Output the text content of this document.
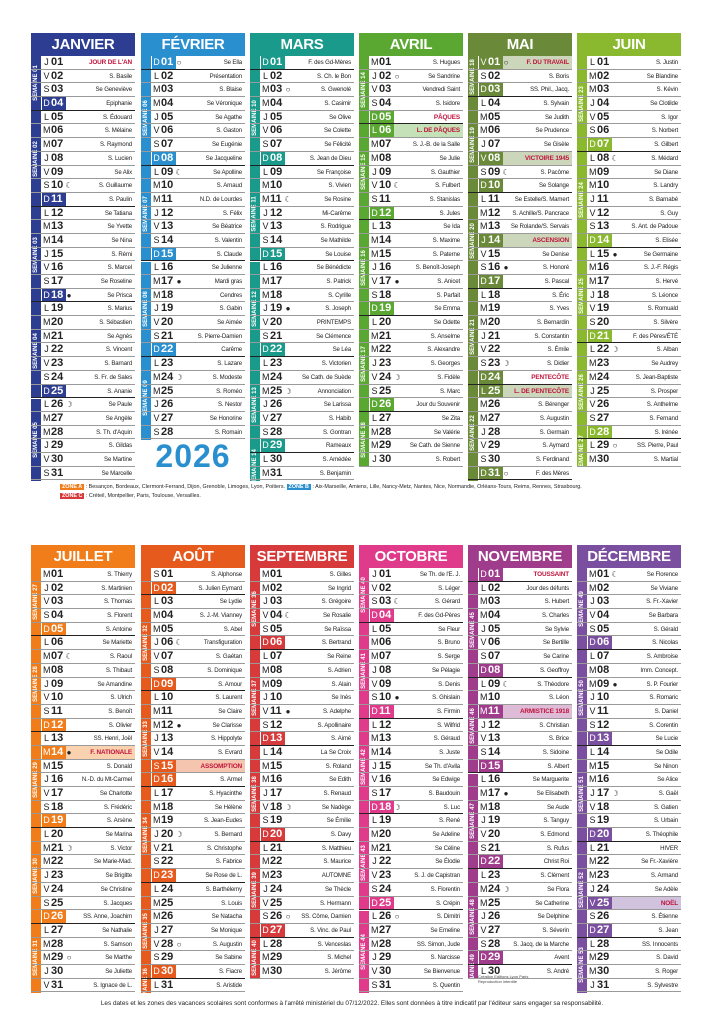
JANVIER
SEMAINE 01
SEMAINE 02
SEMAINE 03
SEMAINE 04
SEMAINE 05
J 01	JOUR DE L'AN
V 02	S. Basile
S 03	Se Geneviève
D 04	Epiphanie
L 05	S. Édouard
M 06	S. Mélaine
M 07	S. Raymond
J 08	S. Lucien
V 09	Se Alix
S 10 ☾	S. Guillaume
D 11	S. Paulin
L 12	Se Tatiana
M 13	Se Yvette
M 14	Se Nina
J 15	S. Rémi
V 16	S. Marcel
S 17	Se Roseline
D 18 ●	Se Prisca
L 19	S. Marius
M 20	S. Sébastien
M 21	Se Agnès
J 22	S. Vincent
V 23	S. Barnard
S 24	S. Fr. de Sales
D 25	S. Ananie
L 26 ☽	Se Paule
M 27	Se Angèle
M 28	S. Th. d'Aquin
J 29	S. Gildas
V 30	Se Martine
S 31	Se Marcelle
FÉVRIER
SEMAINE 06
SEMAINE 07
SEMAINE 08
SEMAINE 09
D 01 ○	Se Ella
L 02	Présentation
M 03	S. Blaise
M 04	Se Véronique
J 05	Se Agathe
V 06	S. Gaston
S 07	Se Eugénie
D 08	Se Jacqueline
L 09 ☾	Se Apolline
M 10	S. Arnaud
M 11	N.D. de Lourdes
J 12	S. Félix
V 13	Se Béatrice
S 14	S. Valentin
D 15	S. Claude
L 16	Se Julienne
M 17 ●	Mardi gras
M 18	Cendres
J 19	S. Gabin
V 20	Se Aimée
S 21	S. Pierre-Damien
D 22	Carême
L 23	S. Lazare
M 24 ☽	S. Modeste
M 25	S. Roméo
J 26	S. Nestor
V 27	Se Honorine
S 28	S. Romain
MARS
SEMAINE 10
SEMAINE 11
SEMAINE 12
SEMAINE 13
SEMAINE 14
D 01	F. des Gd-Mères
L 02	S. Ch. le Bon
M 03 ○	S. Gwenolé
M 04	S. Casimir
J 05	Se Olive
V 06	Se Colette
S 07	Se Félicité
D 08	S. Jean de Dieu
L 09	Se Françoise
M 10	S. Vivien
M 11 ☾	Se Rosine
J 12	Mi-Carême
V 13	S. Rodrigue
S 14	Se Mathilde
D 15	Se Louise
L 16	Se Bénédicte
M 17	S. Patrick
M 18	S. Cyrille
J 19 ●	S. Joseph
V 20	PRINTEMPS
S 21	Se Clémence
D 22	Se Léa
L 23	S. Victorien
M 24	Se Cath. de Suède
M 25 ☽	Annonciation
J 26	Se Larissa
V 27	S. Habib
S 28	S. Gontran
D 29	Rameaux
L 30	S. Amédée
M 31	S. Benjamin
AVRIL
SEMAINE 14
SEMAINE 15
SEMAINE 16
SEMAINE 17
SEMAINE 18
M 01	S. Hugues
J 02 ○	Se Sandrine
V 03	Vendredi Saint
S 04	S. Isidore
D 05	PÂQUES
L 06	L. DE PÂQUES
M 07	S. J.-B. de la Salle
M 08	Se Julie
J 09	S. Gauthier
V 10 ☾	S. Fulbert
S 11	S. Stanislas
D 12	S. Jules
L 13	Se Ida
M 14	S. Maxime
M 15	S. Paterne
J 16	S. Benoît-Joseph
V 17 ●	S. Anicet
S 18	S. Parfait
D 19	Se Emma
L 20	Se Odette
M 21	S. Anselme
M 22	S. Alexandre
J 23	S. Georges
V 24 ☽	S. Fidèle
S 25	S. Marc
D 26	Jour du Souvenir
L 27	Se Zita
M 28	Se Valérie
M 29	Se Cath. de Sienne
J 30	S. Robert
MAI
SEMAINE 18
SEMAINE 19
SEMAINE 20
SEMAINE 21
SEMAINE 22
V 01 ○	F. DU TRAVAIL
S 02	S. Boris
D 03	SS. Phil., Jacq.
L 04	S. Sylvain
M 05	Se Judith
M 06	Se Prudence
J 07	Se Gisèle
V 08	VICTOIRE 1945
S 09 ☾	S. Pacôme
D 10	Se Solange
L 11 Se Estelle/S. Mamert
M 12 S. Achille/S. Pancrace
M 13 Se Rolande/S. Servais
J 14	ASCENSION
V 15	Se Denise
S 16 ●	S. Honoré
D 17	S. Pascal
L 18	S. Éric
M 19	S. Yves
M 20	S. Bernardin
J 21	S. Constantin
V 22	S. Émile
S 23 ☽	S. Didier
D 24	PENTECÔTE
L 25 L. DE PENTECÔTE
M 26	S. Bérenger
M 27	S. Augustin
J 28	S. Germain
V 29	S. Aymard
S 30	S. Ferdinand
D 31 ○	F. des Mères
JUIN
SEMAINE 23
SEMAINE 24
SEMAINE 25
SEMAINE 26
SEMAINE 27
L 01	S. Justin
M 02	Se Blandine
M 03	S. Kévin
J 04	Se Clotilde
V 05	S. Igor
S 06	S. Norbert
D 07	S. Gilbert
L 08 ☾	S. Médard
M 09	Se Diane
M 10	S. Landry
J 11	S. Barnabé
V 12	S. Guy
S 13	S. Ant. de Padoue
D 14	S. Elisée
L 15 ●	Se Germaine
M 16	S. J.-F. Régis
M 17	S. Hervé
J 18	S. Léonce
V 19	S. Romuald
S 20	S. Silvère
D 21	F. des Pères/ÉTÉ
L 22 ☽	S. Alban
M 23	Se Audrey
M 24	S. Jean-Baptiste
J 25	S. Prosper
V 26	S. Anthelme
S 27	S. Fernand
D 28	S. Irénée
L 29 ○	SS. Pierre, Paul
M 30	S. Martial
JUILLET
SEMAINE 27
SEMAINE 28
SEMAINE 29
SEMAINE 30
SEMAINE 31
M 01	S. Thierry
J 02	S. Martinien
V 03	S. Thomas
S 04	S. Florent
D 05	S. Antoine
L 06	Se Mariette
M 07 ☾	S. Raoul
M 08	S. Thibaut
J 09	Se Amandine
V 10	S. Ulrich
S 11	S. Benoît
D 12	S. Olivier
L 13	SS. Henri, Joël
M 14 ●	F. NATIONALE
M 15	S. Donald
J 16	N.-D. du Mt-Carmel
V 17	Se Charlotte
S 18	S. Frédéric
D 19	S. Arsène
L 20	Se Marina
M 21 ☽	S. Victor
M 22	Se Marie-Mad.
J 23	Se Brigitte
V 24	Se Christine
S 25	S. Jacques
D 26	SS. Anne, Joachim
L 27	Se Nathalie
M 28	S. Samson
M 29 ○	Se Marthe
J 30	Se Juliette
V 31	S. Ignace de L.
AOÛT
SEMAINE 32
SEMAINE 33
SEMAINE 34
SEMAINE 35
SEMAINE 36
S 01	S. Alphonse
D 02	S. Julien Eymard
L 03	Se Lydie
M 04	S. J.-M. Vianney
M 05	S. Abel
J 06 ☾	Transfiguration
V 07	S. Gaétan
S 08	S. Dominique
D 09	S. Amour
L 10	S. Laurent
M 11	Se Claire
M 12 ●	Se Clarisse
J 13	S. Hippolyte
V 14	S. Evrard
S 15	ASSOMPTION
D 16	S. Armel
L 17	S. Hyacinthe
M 18	Se Hélène
M 19	S. Jean-Eudes
J 20 ☽	S. Bernard
V 21	S. Christophe
S 22	S. Fabrice
D 23	Se Rose de L.
L 24	S. Barthélemy
M 25	S. Louis
M 26	Se Natacha
J 27	Se Monique
V 28 ○	S. Augustin
S 29	Se Sabine
D 30	S. Fiacre
L 31	S. Aristide
SEPTEMBRE
SEMAINE 36
SEMAINE 37
SEMAINE 38
SEMAINE 39
SEMAINE 40
M 01	S. Gilles
M 02	Se Ingrid
J 03	S. Grégoire
V 04 ☾	Se Rosalie
S 05	Se Raïssa
D 06	S. Bertrand
L 07	Se Reine
M 08	S. Adrien
M 09	S. Alain
J 10	Se Inès
V 11 ●	S. Adelphe
S 12	S. Apollinaire
D 13	S. Aimé
L 14	La Se Croix
M 15	S. Roland
M 16	Se Edith
J 17	S. Renaud
V 18 ☽	Se Nadège
S 19	Se Émilie
D 20	S. Davy
L 21	S. Matthieu
M 22	S. Maurice
M 23	AUTOMNE
J 24	Se Thècle
V 25	S. Hermann
S 26 ○	SS. Côme, Damien
D 27	S. Vinc. de Paul
L 28	S. Venceslas
M 29	S. Michel
M 30	S. Jérôme
OCTOBRE
SEMAINE 40
SEMAINE 41
SEMAINE 42
SEMAINE 43
SEMAINE 44
J 01	Se Th. de l'E. J.
V 02	S. Léger
S 03 ☾	S. Gérard
D 04	F. des Gd-Pères
L 05	Se Fleur
M 06	S. Bruno
M 07	S. Serge
J 08	Se Pélagie
V 09	S. Denis
S 10 ●	S. Ghislain
D 11	S. Firmin
L 12	S. Wilfrid
M 13	S. Géraud
M 14	S. Juste
J 15	Se Th. d'Avila
V 16	Se Edwige
S 17	S. Baudouin
D 18 ☽	S. Luc
L 19	S. René
M 20	Se Adeline
M 21	Se Céline
J 22	Se Élodie
V 23	S. J. de Capistran
S 24	S. Florentin
D 25	S. Crépin
L 26 ○	S. Dimitri
M 27	Se Emeline
M 28	SS. Simon, Jude
J 29	S. Narcisse
V 30	Se Bienvenue
S 31	S. Quentin
NOVEMBRE
SEMAINE 45
SEMAINE 46
SEMAINE 47
SEMAINE 48
SEMAINE 49
D 01	TOUSSAINT
L 02	Jour des défunts
M 03	S. Hubert
M 04	S. Charles
J 05	Se Sylvie
V 06	Se Bertille
S 07	Se Carine
D 08	S. Geoffroy
L 09 ☾	S. Théodore
M 10	S. Léon
M 11	ARMISTICE 1918
J 12	S. Christian
V 13	S. Brice
S 14	S. Sidoine
D 15	S. Albert
L 16	Se Marguerite
M 17 ●	Se Elisabeth
M 18	Se Aude
J 19	S. Tanguy
V 20	S. Edmond
S 21	S. Rufus
D 22	Christ Roi
L 23	S. Clément
M 24 ☽	Se Flora
M 25	Se Catherine
J 26	Se Delphine
V 27	S. Séverin
S 28 S. Jacq. de la Marche
D 29	Avent
L 30	S. André
DÉCEMBRE
SEMAINE 49
SEMAINE 50
SEMAINE 51
SEMAINE 52
SEMAINE 53
M 01 ☾	Se Florence
M 02	Se Viviane
J 03	S. Fr.-Xavier
V 04	Se Barbara
S 05	S. Gérald
D 06	S. Nicolas
L 07	S. Ambroise
M 08	Imm. Concept.
M 09 ●	S. P. Fourier
J 10	S. Romaric
V 11	S. Daniel
S 12	S. Corentin
D 13	Se Lucie
L 14	Se Odile
M 15	Se Ninon
M 16	Se Alice
J 17 ☽	S. Gaël
V 18	S. Gatien
S 19	S. Urbain
D 20	S. Théophile
L 21	HIVER
M 22	Se Fr.-Xavière
M 23	S. Armand
J 24	Se Adèle
V 25	NOËL
S 26	S. Étienne
D 27	S. Jean
L 28	SS. Innocents
M 29	S. David
M 30	S. Roger
J 31	S. Sylvestre
2026
ZONE A : Besançon, Bordeaux, Clermont-Ferrand, Dijon, Grenoble, Limoges, Lyon, Poitiers. ZONE B : Aix-Marseille, Amiens, Lille, Nancy-Metz, Nantes, Nice, Normandie, Orléans-Tours, Reims, Rennes, Strasbourg.
ZONE C : Créteil, Montpellier, Paris, Toulouse, Versailles.
Les dates et les zones des vacances scolaires sont conformes à l'arrêté ministériel du 07/12/2022. Elles sont données à titre indicatif par l'éditeur sans engager sa responsabilité.
Création Editions Lyon Paris
Reproduction interdite
